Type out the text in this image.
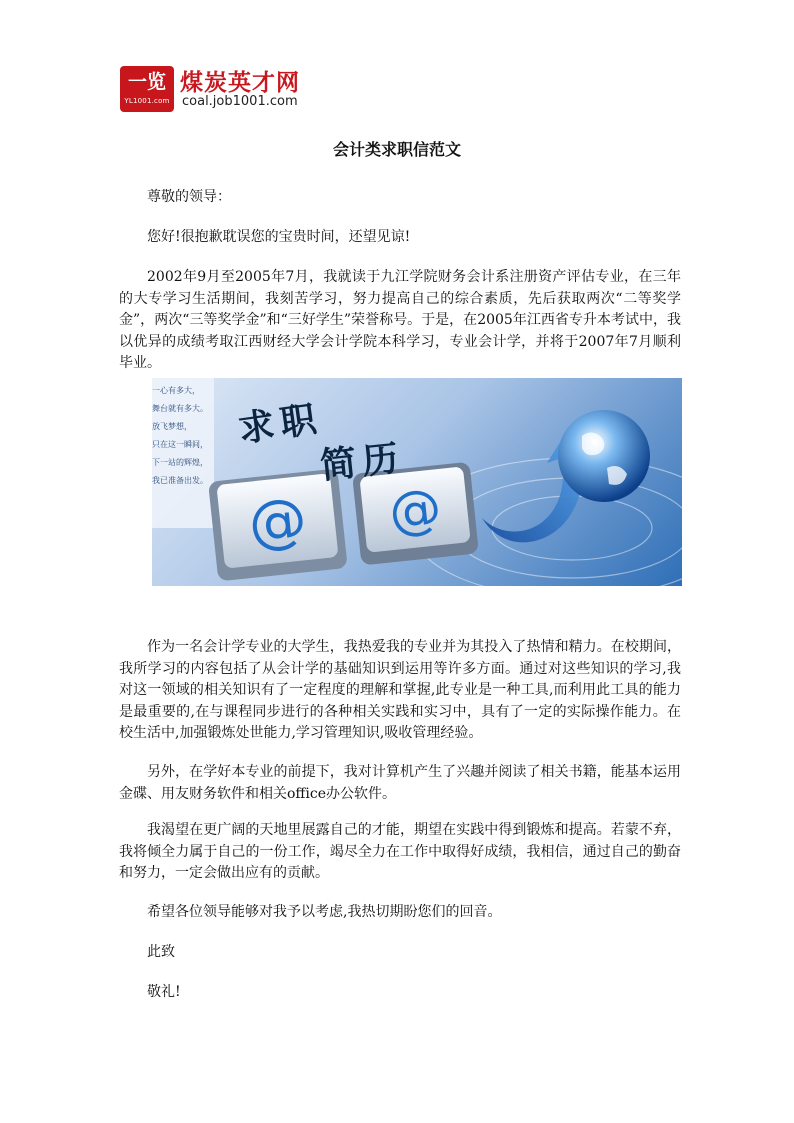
一览
YL1001.com
煤炭英才网
coal.job1001.com
会计类求职信范文

尊敬的领导：

您好!很抱歉耽误您的宝贵时间，还望见谅!

2002年9月至2005年7月，我就读于九江学院财务会计系注册资产评估专业，在三年的大专学习生活期间，我刻苦学习，努力提高自己的综合素质，先后获取两次“二等奖学金”，两次“三等奖学金”和“三好学生”荣誉称号。于是，在2005年江西省专升本考试中，我以优异的成绩考取江西财经大学会计学院本科学习，专业会计学，并将于2007年7月顺利毕业。

@ @
一心有多大，
舞台就有多大。
放飞梦想，
只在这一瞬间，
下一站的辉煌，
我已准备出发。
求职
简历

作为一名会计学专业的大学生，我热爱我的专业并为其投入了热情和精力。在校期间，我所学习的内容包括了从会计学的基础知识到运用等许多方面。通过对这些知识的学习,我对这一领域的相关知识有了一定程度的理解和掌握,此专业是一种工具,而利用此工具的能力是最重要的,在与课程同步进行的各种相关实践和实习中，具有了一定的实际操作能力。在校生活中,加强锻炼处世能力,学习管理知识,吸收管理经验。

另外，在学好本专业的前提下，我对计算机产生了兴趣并阅读了相关书籍，能基本运用金碟、用友财务软件和相关office办公软件。

我渴望在更广阔的天地里展露自己的才能，期望在实践中得到锻炼和提高。若蒙不弃，我将倾全力属于自己的一份工作，竭尽全力在工作中取得好成绩，我相信，通过自己的勤奋和努力，一定会做出应有的贡献。

希望各位领导能够对我予以考虑,我热切期盼您们的回音。

此致

敬礼!
